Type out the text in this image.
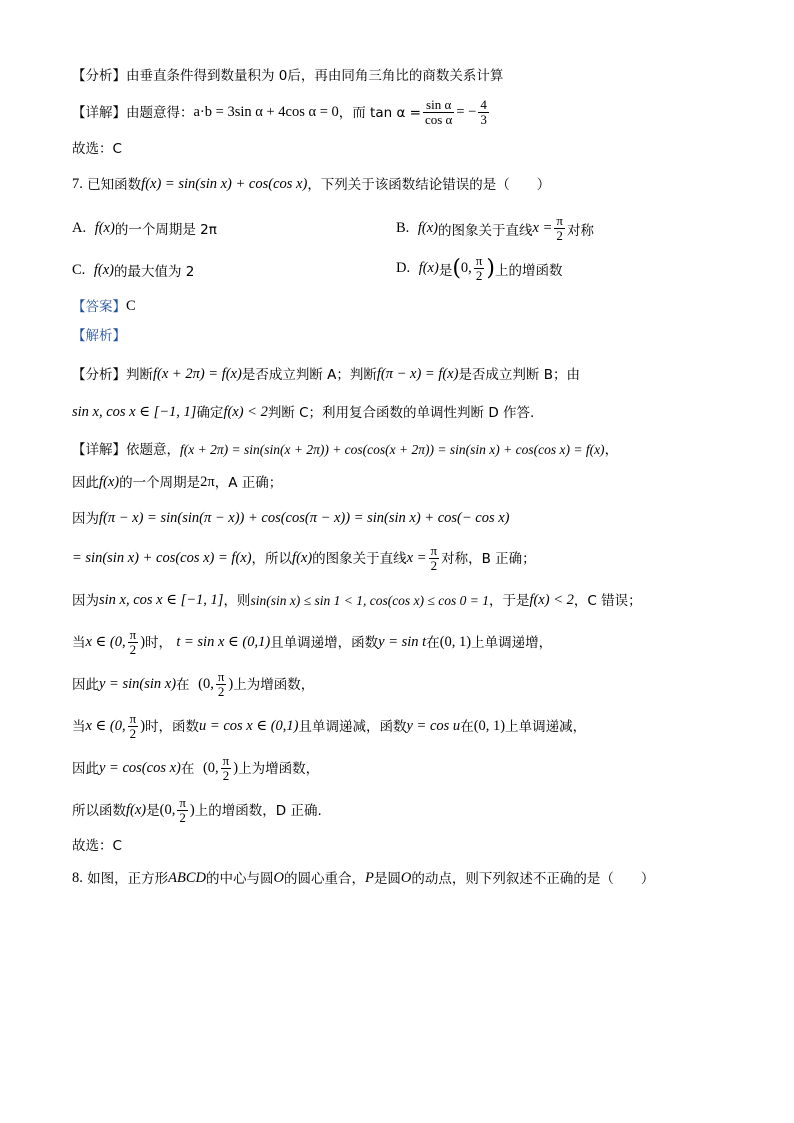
【分析】 由垂直条件得到数量积为 0后，再由同角三角比的商数关系计算
【详解】 由题意得： a·b = 3sin α + 4cos α = 0 ，而 $\tan \alpha = \frac{\text{sin α}}{\text{cos α}}$ = − $\frac{4}{3}$
故选：C
7.
已知函数 f(x) = sin(sin x) + cos(cos x) ，下列关于该函数结论错误的是（　　）
A.
f(x) 的一个周期是 2π	B.
f(x) 的图象关于直线 $x = \frac{\pi}{2}$ 对称
C.
f(x) 的最大值为 2	D.
f(x) 是 ( 0, $\frac{\pi}{2}$ ) 上的增函数
【答案】 C
【解析】
【分析】 判断 f(x + 2π) = f(x) 是否成立判断 A；判断 f(π − x) = f(x) 是否成立判断 B；由
sin x, cos x ∈ [−1, 1] 确定 f(x) < 2 判断 C；利用复合函数的单调性判断 D 作答.
【详解】 依题意， f(x + 2π) = sin(sin(x + 2π)) + cos(cos(x + 2π)) = sin(sin x) + cos(cos x) = f(x) ，
因此 f(x) 的一个周期是 2π ，A 正确；
因为 f(π − x) = sin(sin(π − x)) + cos(cos(π − x)) = sin(sin x) + cos(− cos x)
= sin(sin x) + cos(cos x) = f(x) ，所以 f(x) 的图象关于直线 $x = \frac{\pi}{2}$ 对称，B 正确；
因为 sin x, cos x ∈ [−1, 1] ，则 sin(sin x) ≤ sin 1 < 1, cos(cos x) ≤ cos 0 = 1 ，于是 f(x) < 2 ，C 错误；
当 x ∈ (0, $\frac{\pi}{2}$ ) 时，
t = sin x ∈ (0,1) 且单调递增，函数 y = sin t 在 (0, 1) 上单调递增，
因此 y = sin(sin x) 在
(0, $\frac{\pi}{2}$ ) 上为增函数，
当 x ∈ (0, $\frac{\pi}{2}$ ) 时，函数 u = cos x ∈ (0,1) 且单调递减，函数 y = cos u 在 (0, 1) 上单调递减，
因此 y = cos(cos x) 在
(0, $\frac{\pi}{2}$ ) 上为增函数，
所以函数 f(x) 是 (0, $\frac{\pi}{2}$ ) 上的增函数，D 正确.
故选：C
8.
如图，正方形 ABCD 的中心与圆 O 的圆心重合， P 是圆 O 的动点，则下列叙述不正确的是（　　）
